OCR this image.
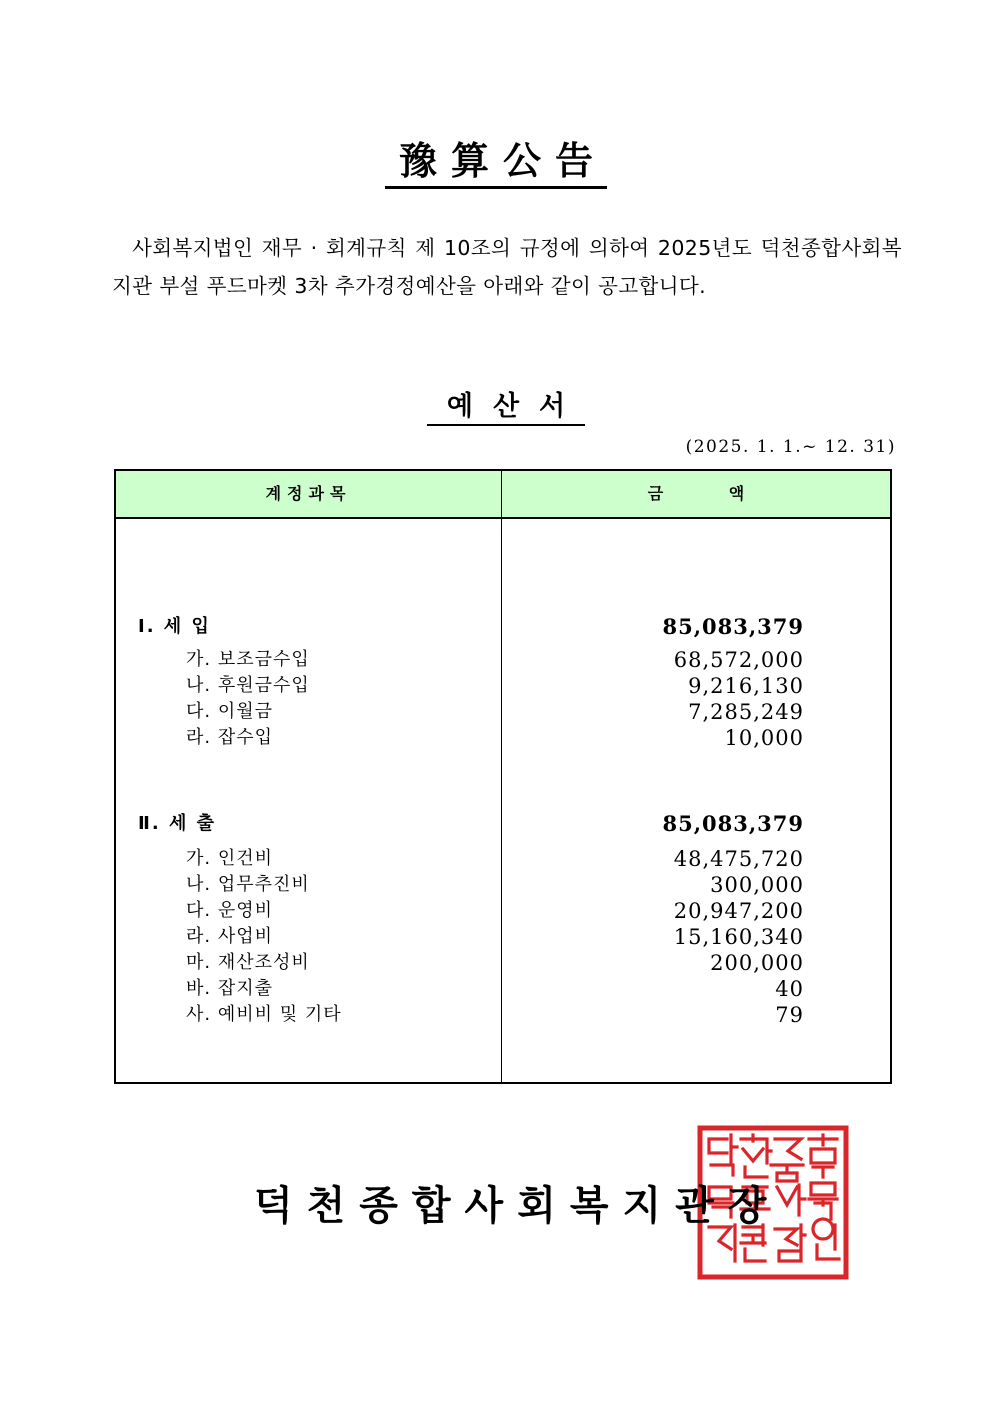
豫算公告
사회복지법인 재무 · 회계규칙 제 10조의 규정에 의하여 2025년도 덕천종합사회복지관 부설 푸드마켓 3차 추가경정예산을 아래와 같이 공고합니다.
예산서
(2025. 1. 1.~ 12. 31)
계정과목	금 액
Ⅰ. 세 입	85,083,379
가. 보조금수입	68,572,000
나. 후원금수입	9,216,130
다. 이월금	7,285,249
라. 잡수입	10,000
Ⅱ. 세 출	85,083,379
가. 인건비	48,475,720
나. 업무추진비	300,000
다. 운영비	20,947,200
라. 사업비	15,160,340
마. 재산조성비	200,000
바. 잡지출	40
사. 예비비 및 기타	79
덕천종합사회복지관장
